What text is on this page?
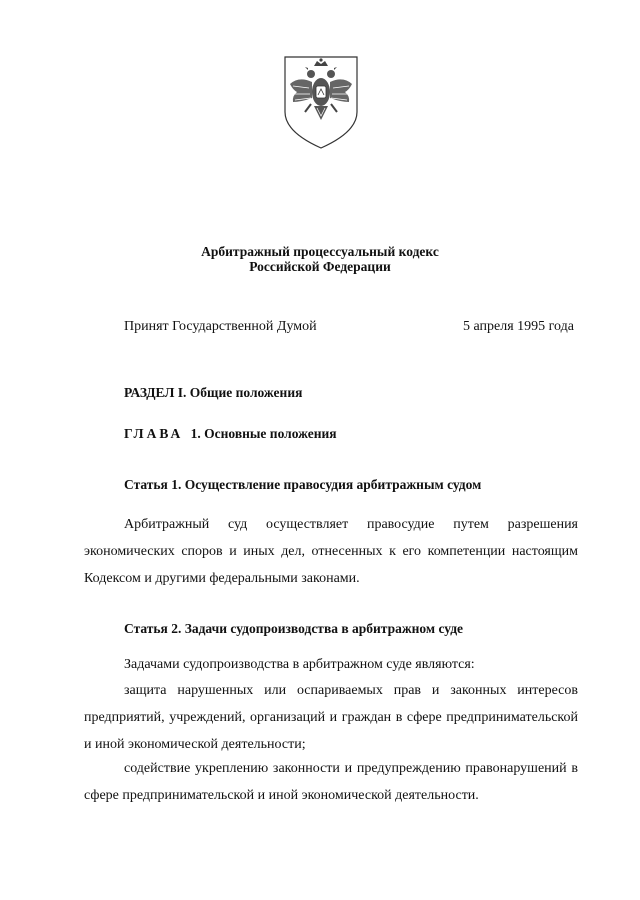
Арбитражный процессуальный кодекс
Российской Федерации
Принят Государственной Думой	5 апреля 1995 года
РАЗДЕЛ I. Общие положения
ГЛАВА 1. Основные положения
Статья 1. Осуществление правосудия арбитражным судом

Арбитражный суд осуществляет правосудие путем разрешения экономических споров и иных дел, отнесенных к его компетенции настоящим Кодексом и другими федеральными законами.

Статья 2. Задачи судопроизводства в арбитражном суде

Задачами судопроизводства в арбитражном суде являются:

защита нарушенных или оспариваемых прав и законных интересов предприятий, учреждений, организаций и граждан в сфере предпринимательской и иной экономической деятельности;

содействие укреплению законности и предупреждению правонарушений в сфере предпринимательской и иной экономической деятельности.
